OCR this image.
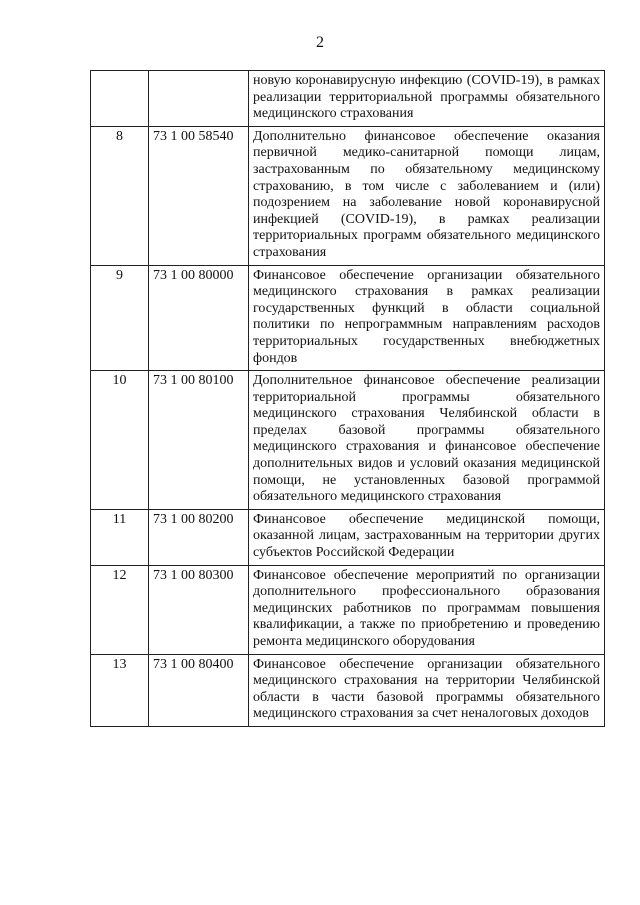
2
		новую коронавирусную инфекцию (COVID-19), в рамках реализации территориальной программы обязательного медицинского страхования
8	73 1 00 58540	Дополнительно финансовое обеспечение оказания первичной медико-санитарной помощи лицам, застрахованным по обязательному медицинскому страхованию, в том числе с заболеванием и (или) подозрением на заболевание новой коронавирусной инфекцией (COVID-19), в рамках реализации территориальных программ обязательного медицинского страхования
9	73 1 00 80000	Финансовое обеспечение организации обязательного медицинского страхования в рамках реализации государственных функций в области социальной политики по непрограммным направлениям расходов территориальных государственных внебюджетных фондов
10	73 1 00 80100	Дополнительное финансовое обеспечение реализации территориальной программы обязательного медицинского страхования Челябинской области в пределах базовой программы обязательного медицинского страхования и финансовое обеспечение дополнительных видов и условий оказания медицинской помощи, не установленных базовой программой обязательного медицинского страхования
11	73 1 00 80200	Финансовое обеспечение медицинской помощи, оказанной лицам, застрахованным на территории других субъектов Российской Федерации
12	73 1 00 80300	Финансовое обеспечение мероприятий по организации дополнительного профессионального образования медицинских работников по программам повышения квалификации, а также по приобретению и проведению ремонта медицинского оборудования
13	73 1 00 80400	Финансовое обеспечение организации обязательного медицинского страхования на территории Челябинской области в части базовой программы обязательного медицинского страхования за счет неналоговых доходов
